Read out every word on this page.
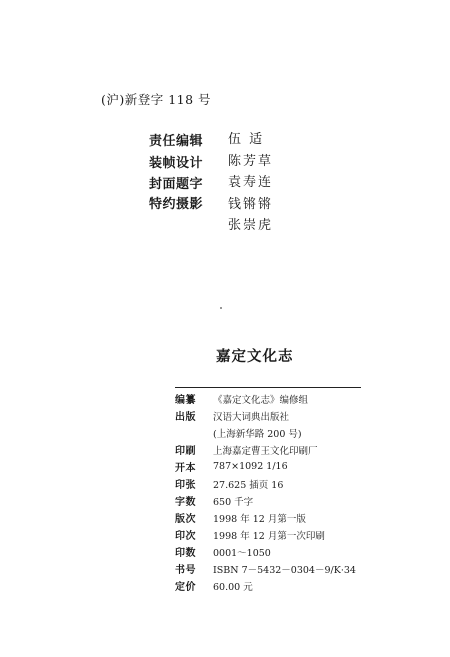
(沪)新登字 118 号
责任编辑	伍 适
装帧设计	陈芳草
封面题字	袁寿连
特约摄影	钱锵锵
张崇虎
嘉定文化志
编纂	《嘉定文化志》编修组
出版	汉语大词典出版社
(上海新华路 200 号)
印刷	上海嘉定曹王文化印刷厂
开本	787×1092 1/16
印张	27.625 插页 16
字数	650 千字
版次	1998 年 12 月第一版
印次	1998 年 12 月第一次印刷
印数	0001～1050
书号	ISBN 7－5432－0304－9/K·34
定价	60.00 元
